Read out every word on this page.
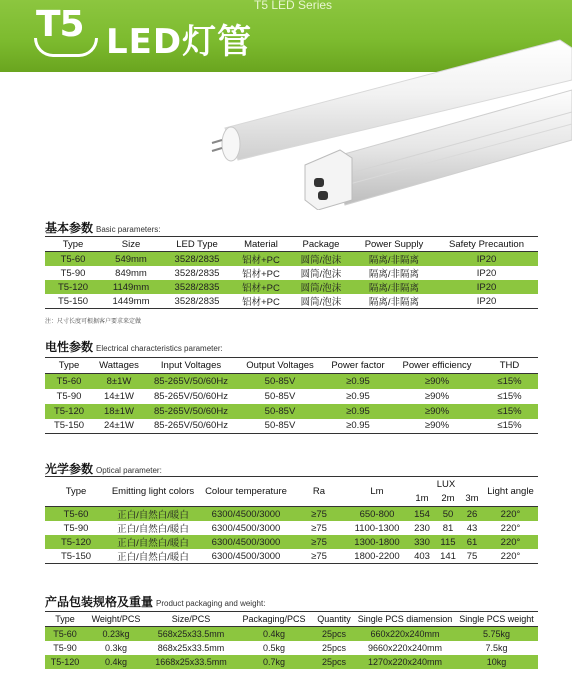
T5 LED灯管
T5 LED Series
基本参数 Basic parameters:
Type	Size	LED Type	Material	Package	Power Supply	Safety Precaution
T5-60	549mm	3528/2835	铝材+PC	圆筒/泡沫	隔离/非隔离	IP20
T5-90	849mm	3528/2835	铝材+PC	圆筒/泡沫	隔离/非隔离	IP20
T5-120	1149mm	3528/2835	铝材+PC	圆筒/泡沫	隔离/非隔离	IP20
T5-150	1449mm	3528/2835	铝材+PC	圆筒/泡沫	隔离/非隔离	IP20
注：尺寸长度可根据客户要求来定做
电性参数 Electrical characteristics parameter:
Type	Wattages	Input Voltages	Output Voltages	Power factor	Power efficiency	THD
T5-60	8±1W	85-265V/50/60Hz	50-85V	≥0.95	≥90%	≤15%
T5-90	14±1W	85-265V/50/60Hz	50-85V	≥0.95	≥90%	≤15%
T5-120	18±1W	85-265V/50/60Hz	50-85V	≥0.95	≥90%	≤15%
T5-150	24±1W	85-265V/50/60Hz	50-85V	≥0.95	≥90%	≤15%
光学参数 Optical parameter:
Type	Emitting light colors	Colour temperature	Ra	Lm	LUX			Light angle
					1m	2m	3m	
T5-60	正白/自然白/暖白	6300/4500/3000	≥75	650-800	154	50	26	220°
T5-90	正白/自然白/暖白	6300/4500/3000	≥75	1100-1300	230	81	43	220°
T5-120	正白/自然白/暖白	6300/4500/3000	≥75	1300-1800	330	115	61	220°
T5-150	正白/自然白/暖白	6300/4500/3000	≥75	1800-2200	403	141	75	220°
产品包装规格及重量 Product packaging and weight:
Type	Weight/PCS	Size/PCS	Packaging/PCS	Quantity	Single PCS diamension	Single PCS weight
T5-60	0.23kg	568x25x33.5mm	0.4kg	25pcs	660x220x240mm	5.75kg
T5-90	0.3kg	868x25x33.5mm	0.5kg	25pcs	9660x220x240mm	7.5kg
T5-120	0.4kg	1668x25x33.5mm	0.7kg	25pcs	1270x220x240mm	10kg
